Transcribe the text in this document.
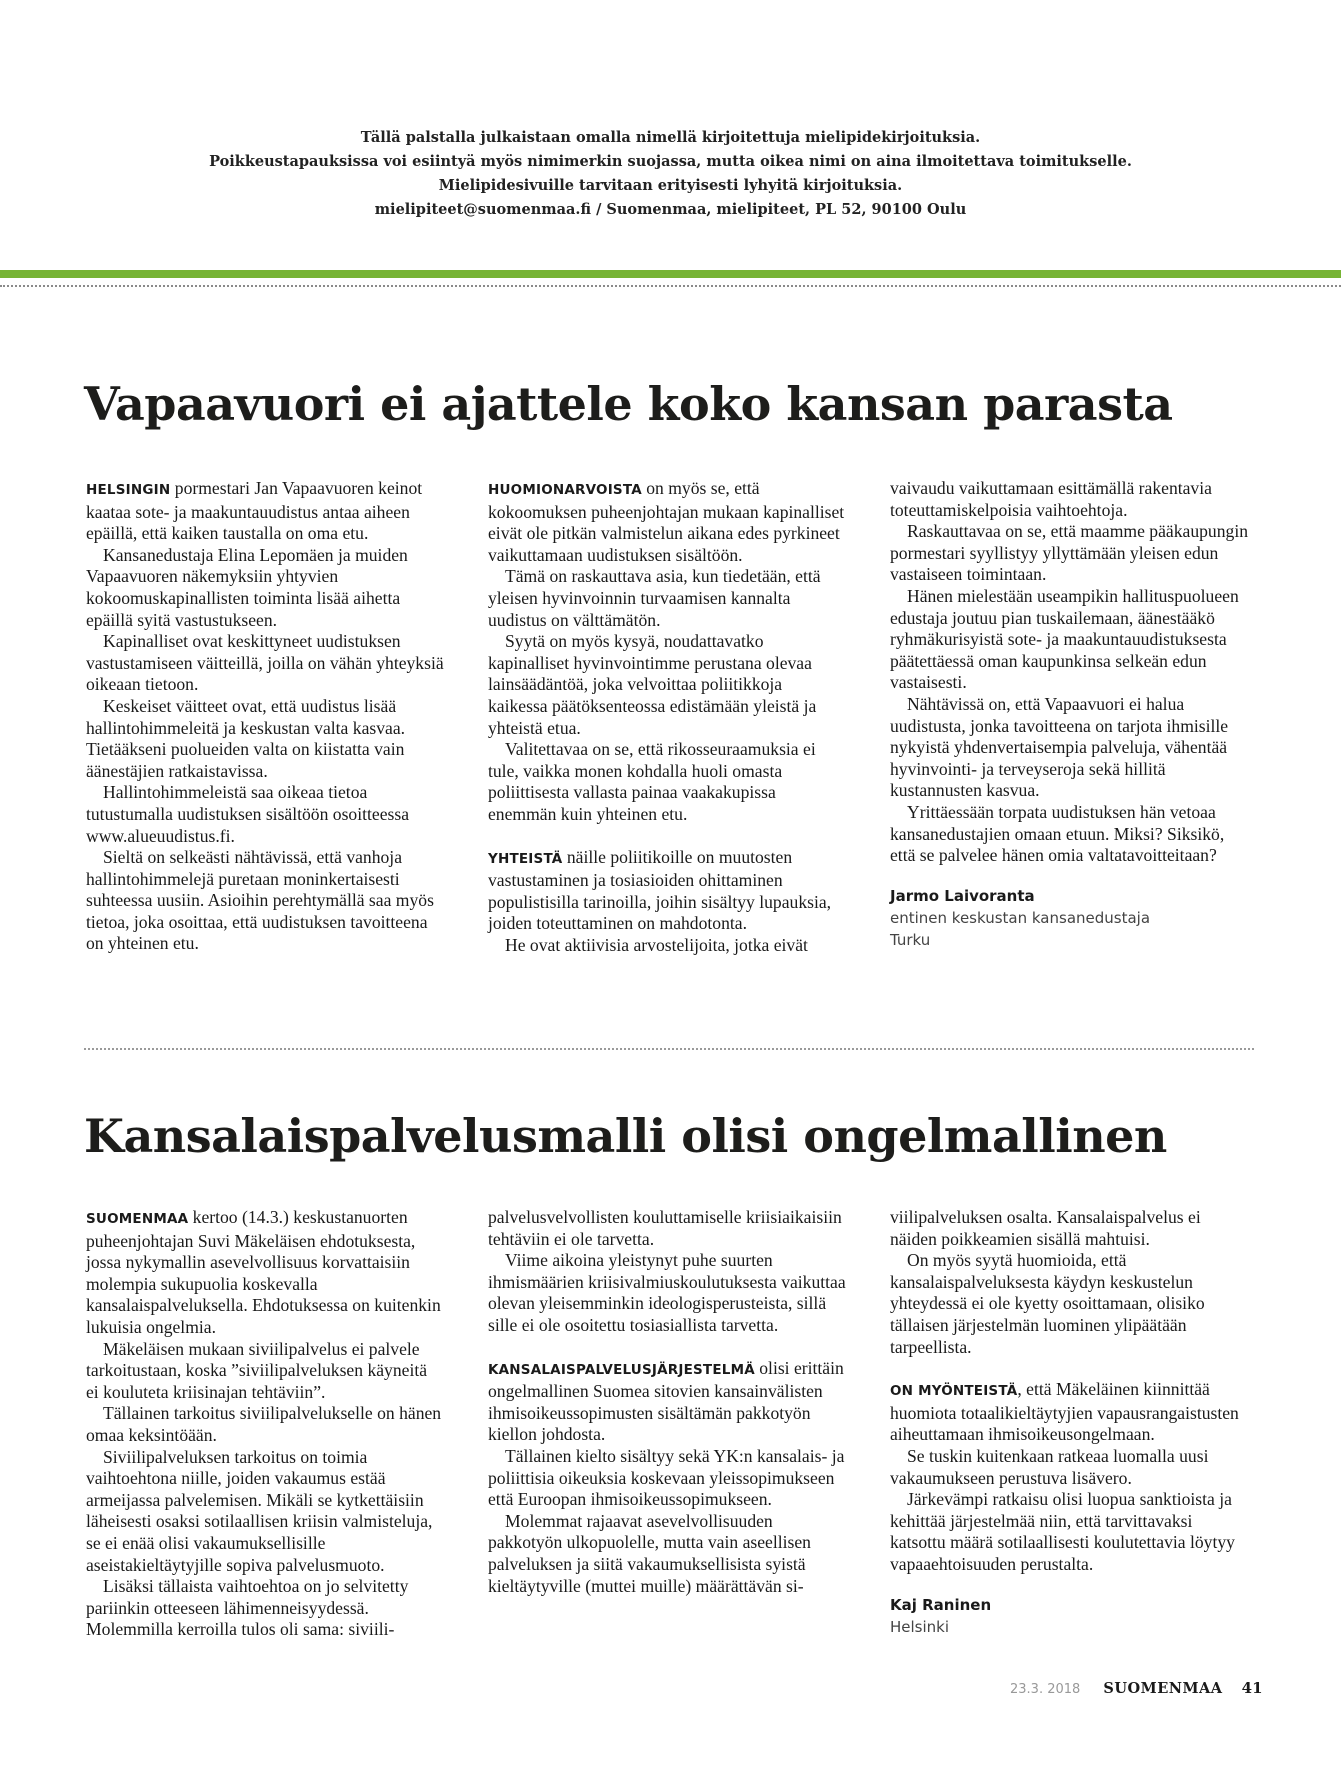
Tällä palstalla julkaistaan omalla nimellä kirjoitettuja mielipidekirjoituksia.
Poikkeustapauksissa voi esiintyä myös nimimerkin suojassa, mutta oikea nimi on aina ilmoitettava toimitukselle.
Mielipidesivuille tarvitaan erityisesti lyhyitä kirjoituksia.
mielipiteet@suomenmaa.fi / Suomenmaa, mielipiteet, PL 52, 90100 Oulu
Vapaavuori ei ajattele koko kansan parasta

HELSINGIN pormestari Jan Vapaavuoren keinot kaataa sote- ja maakuntauudistus antaa aiheen epäillä, että kaiken taustalla on oma etu.

Kansanedustaja Elina Lepomäen ja muiden Vapaavuoren näkemyksiin yhtyvien kokoomuskapinallisten toiminta lisää aihetta epäillä syitä vastustukseen.

Kapinalliset ovat keskittyneet uudistuksen vastustamiseen väitteillä, joilla on vähän yhteyksiä oikeaan tietoon.

Keskeiset väitteet ovat, että uudistus lisää hallintohimmeleitä ja keskustan valta kasvaa. Tietääkseni puolueiden valta on kiistatta vain äänestäjien ratkaistavissa.

Hallintohimmeleistä saa oikeaa tietoa tutustumalla uudistuksen sisältöön osoitteessa www.alueuudistus.fi.

Sieltä on selkeästi nähtävissä, että vanhoja hallintohimmelejä puretaan moninkertaisesti suhteessa uusiin. Asioihin perehtymällä saa myös tietoa, joka osoittaa, että uudistuksen tavoitteena on yhteinen etu.

HUOMIONARVOISTA on myös se, että kokoomuksen puheenjohtajan mukaan kapinalliset eivät ole pitkän valmistelun aikana edes pyrkineet vaikuttamaan uudistuksen sisältöön.

Tämä on raskauttava asia, kun tiedetään, että yleisen hyvinvoinnin turvaamisen kannalta uudistus on välttämätön.

Syytä on myös kysyä, noudattavatko kapinalliset hyvinvointimme perustana olevaa lainsäädäntöä, joka velvoittaa poliitikkoja kaikessa päätöksenteossa edistämään yleistä ja yhteistä etua.

Valitettavaa on se, että rikosseuraamuksia ei tule, vaikka monen kohdalla huoli omasta poliittisesta vallasta painaa vaakakupissa enemmän kuin yhteinen etu.

YHTEISTÄ näille poliitikoille on muutosten vastustaminen ja tosiasioiden ohittaminen populistisilla tarinoilla, joihin sisältyy lupauksia, joiden toteuttaminen on mahdotonta.

He ovat aktiivisia arvostelijoita, jotka eivät

vaivaudu vaikuttamaan esittämällä rakentavia toteuttamiskelpoisia vaihtoehtoja.

Raskauttavaa on se, että maamme pääkaupungin pormestari syyllistyy yllyttämään yleisen edun vastaiseen toimintaan.

Hänen mielestään useampikin hallituspuolueen edustaja joutuu pian tuskailemaan, äänestääkö ryhmäkurisyistä sote- ja maakuntauudistuksesta päätettäessä oman kaupunkinsa selkeän edun vastaisesti.

Nähtävissä on, että Vapaavuori ei halua uudistusta, jonka tavoitteena on tarjota ihmisille nykyistä yhdenvertaisempia palveluja, vähentää hyvinvointi- ja terveyseroja sekä hillitä kustannusten kasvua.

Yrittäessään torpata uudistuksen hän vetoaa kansanedustajien omaan etuun. Miksi? Siksikö, että se palvelee hänen omia valtatavoitteitaan?

Jarmo Laivoranta
entinen keskustan kansanedustaja
Turku
Kansalaispalvelusmalli olisi ongelmallinen

SUOMENMAA kertoo (14.3.) keskustanuorten puheenjohtajan Suvi Mäkeläisen ehdotuksesta, jossa nykymallin asevelvollisuus korvattaisiin molempia sukupuolia koskevalla kansalaispalveluksella. Ehdotuksessa on kuitenkin lukuisia ongelmia.

Mäkeläisen mukaan siviilipalvelus ei palvele tarkoitustaan, koska ”siviilipalveluksen käyneitä ei kouluteta kriisinajan tehtäviin”.

Tällainen tarkoitus siviilipalvelukselle on hänen omaa keksintöään.

Siviilipalveluksen tarkoitus on toimia vaihtoehtona niille, joiden vakaumus estää armeijassa palvelemisen. Mikäli se kytkettäisiin läheisesti osaksi sotilaallisen kriisin valmisteluja, se ei enää olisi vakaumuksellisille aseistakieltäytyjille sopiva palvelusmuoto.

Lisäksi tällaista vaihtoehtoa on jo selvitetty pariinkin otteeseen lähimenneisyydessä. Molemmilla kerroilla tulos oli sama: siviili-

palvelusvelvollisten kouluttamiselle kriisiaikaisiin tehtäviin ei ole tarvetta.

Viime aikoina yleistynyt puhe suurten ihmismäärien kriisivalmiuskoulutuksesta vaikuttaa olevan yleisemminkin ideologisperusteista, sillä sille ei ole osoitettu tosiasiallista tarvetta.

KANSALAISPALVELUSJÄRJESTELMÄ olisi erittäin ongelmallinen Suomea sitovien kansainvälisten ihmisoikeussopimusten sisältämän pakkotyön kiellon johdosta.

Tällainen kielto sisältyy sekä YK:n kansalais- ja poliittisia oikeuksia koskevaan yleissopimukseen että Euroopan ihmisoikeussopimukseen.

Molemmat rajaavat asevelvollisuuden pakkotyön ulkopuolelle, mutta vain aseellisen palveluksen ja siitä vakaumuksellisista syistä kieltäytyville (muttei muille) määrättävän si-

viilipalveluksen osalta. Kansalaispalvelus ei näiden poikkeamien sisällä mahtuisi.

On myös syytä huomioida, että kansalaispalveluksesta käydyn keskustelun yhteydessä ei ole kyetty osoittamaan, olisiko tällaisen järjestelmän luominen ylipäätään tarpeellista.

ON MYÖNTEISTÄ, että Mäkeläinen kiinnittää huomiota totaalikieltäytyjien vapausrangaistusten aiheuttamaan ihmisoikeusongelmaan.

Se tuskin kuitenkaan ratkeaa luomalla uusi vakaumukseen perustuva lisävero.

Järkevämpi ratkaisu olisi luopua sanktioista ja kehittää järjestelmää niin, että tarvittavaksi katsottu määrä sotilaallisesti koulutettavia löytyy vapaaehtoisuuden perustalta.

Kaj Raninen
Helsinki
23.3. 2018 SUOMENMAA 41
